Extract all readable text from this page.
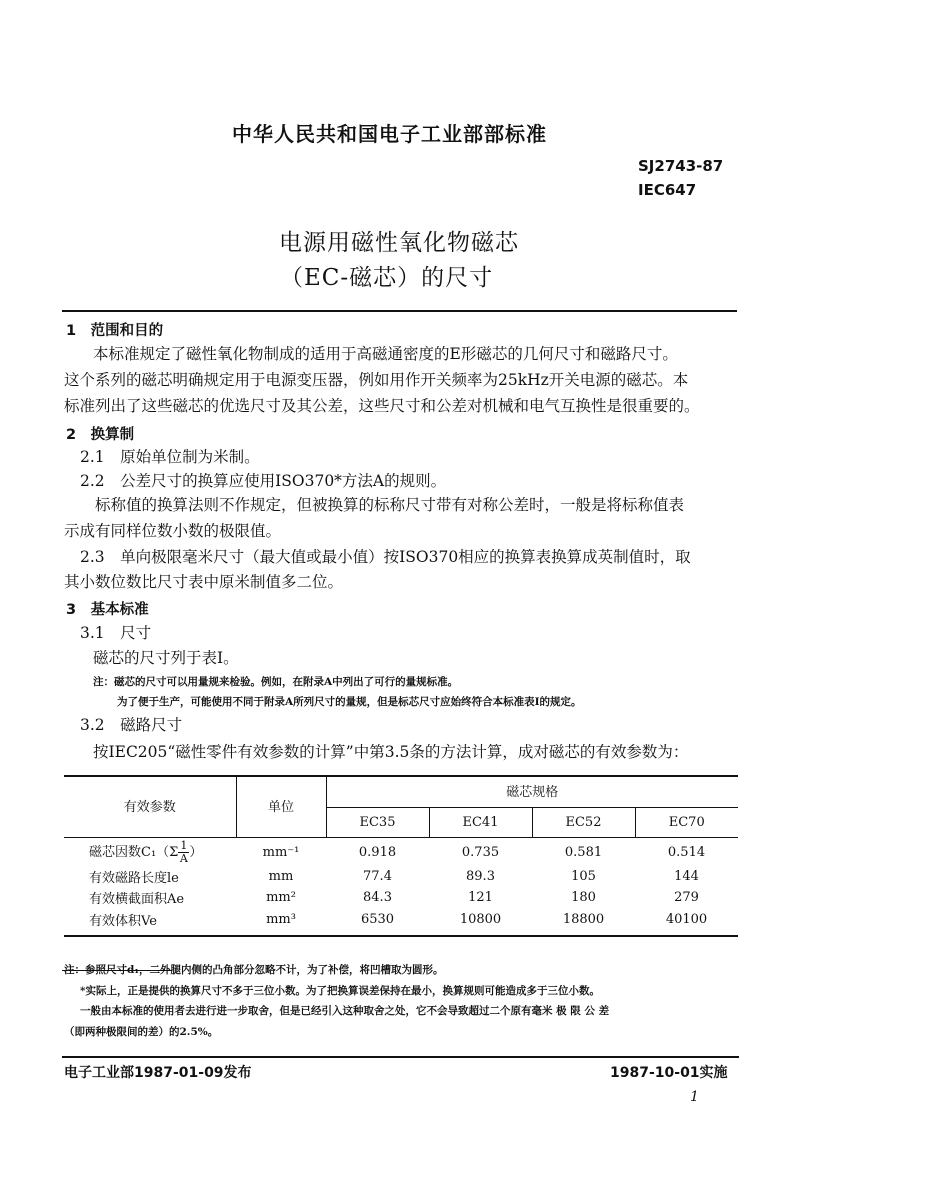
中华人民共和国电子工业部部标准
SJ2743-87
IEC647
电源用磁性氧化物磁芯
（EC-磁芯）的尺寸
1　范围和目的
本标准规定了磁性氧化物制成的适用于高磁通密度的E形磁芯的几何尺寸和磁路尺寸。
这个系列的磁芯明确规定用于电源变压器，例如用作开关频率为25kHz开关电源的磁芯。本
标准列出了这些磁芯的优选尺寸及其公差，这些尺寸和公差对机械和电气互换性是很重要的。
2　换算制
2.1　原始单位制为米制。
2.2　公差尺寸的换算应使用ISO370*方法A的规则。
标称值的换算法则不作规定，但被换算的标称尺寸带有对称公差时，一般是将标称值表
示成有同样位数小数的极限值。
2.3　单向极限毫米尺寸（最大值或最小值）按ISO370相应的换算表换算成英制值时，取
其小数位数比尺寸表中原米制值多二位。
3　基本标准
3.1　尺寸
磁芯的尺寸列于表I。
注：磁芯的尺寸可以用量规来检验。例如，在附录A中列出了可行的量规标准。
为了便于生产，可能使用不同于附录A所列尺寸的量规，但是标芯尺寸应始终符合本标准表Ⅰ的规定。
3.2　磁路尺寸
按IEC205“磁性零件有效参数的计算”中第3.5条的方法计算，成对磁芯的有效参数为：
有效参数	单位	磁芯规格			
		EC35	EC41	EC52	EC70

磁芯因数$C_1(\Sigma \frac{1}{A}$ ）	mm⁻¹	0.918	0.735	0.581	0.514
有效磁路长度le	mm	77.4	89.3	105	144
有效横截面积Ae	mm²	84.3	121	180	279
有效体积Ve	mm³	6530	10800	18800	40100
注：参照尺寸d₁，二外腿内侧的凸角部分忽略不计，为了补偿，将凹槽取为圆形。
*实际上，正是提供的换算尺寸不多于三位小数。为了把换算误差保持在最小，换算规则可能造成多于三位小数。
一般由本标准的使用者去进行进一步取舍，但是已经引入这种取舍之处，它不会导致超过二个原有毫米 极 限 公 差
（即两种极限间的差）的2.5%。
电子工业部1987-01-09发布	1987-10-01实施
1
